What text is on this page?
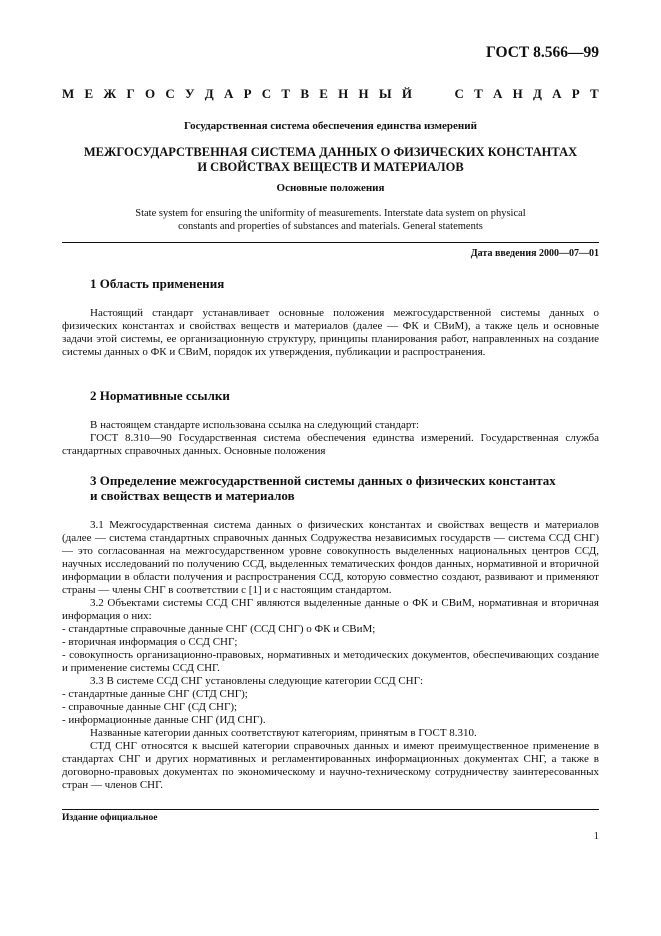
ГОСТ 8.566—99
М Е Ж Г О С У Д А Р С Т В Е Н Н Ы Й	С Т А Н Д А Р Т
Государственная система обеспечения единства измерений
МЕЖГОСУДАРСТВЕННАЯ СИСТЕМА ДАННЫХ О ФИЗИЧЕСКИХ КОНСТАНТАХ
И СВОЙСТВАХ ВЕЩЕСТВ И МАТЕРИАЛОВ
Основные положения
State system for ensuring the uniformity of measurements. Interstate data system on physical
constants and properties of substances and materials. General statements
Дата введения 2000—07—01
1 Область применения

Настоящий стандарт устанавливает основные положения межгосударственной системы данных о физических константах и свойствах веществ и материалов (далее — ФК и СВиМ), а также цель и основные задачи этой системы, ее организационную структуру, принципы планирования работ, направленных на создание системы данных о ФК и СВиМ, порядок их утверждения, публикации и распространения.

2 Нормативные ссылки

В настоящем стандарте использована ссылка на следующий стандарт:

ГОСТ 8.310—90 Государственная система обеспечения единства измерений. Государственная служба стандартных справочных данных. Основные положения

3 Определение межгосударственной системы данных о физических константах
и свойствах веществ и материалов

3.1 Межгосударственная система данных о физических константах и свойствах веществ и материалов (далее — система стандартных справочных данных Содружества независимых государств — система ССД СНГ) — это согласованная на межгосударственном уровне совокупность выделенных национальных центров ССД, научных исследований по получению ССД, выделенных тематических фондов данных, нормативной и вторичной информации в области получения и распространения ССД, которую совместно создают, развивают и применяют страны — члены СНГ в соответствии с [1] и с настоящим стандартом.

3.2 Объектами системы ССД СНГ являются выделенные данные о ФК и СВиМ, нормативная и вторичная информация о них:

- стандартные справочные данные СНГ (ССД СНГ) о ФК и СВиМ;

- вторичная информация о ССД СНГ;

- совокупность организационно-правовых, нормативных и методических документов, обеспечивающих создание и применение системы ССД СНГ.

3.3 В системе ССД СНГ установлены следующие категории ССД СНГ:

- стандартные данные СНГ (СТД СНГ);

- справочные данные СНГ (СД СНГ);

- информационные данные СНГ (ИД СНГ).

Названные категории данных соответствуют категориям, принятым в ГОСТ 8.310.

СТД СНГ относятся к высшей категории справочных данных и имеют преимущественное применение в стандартах СНГ и других нормативных и регламентированных информационных документах СНГ, а также в договорно-правовых документах по экономическому и научно-техническому сотрудничеству заинтересованных стран — членов СНГ.

Издание официальное
1
